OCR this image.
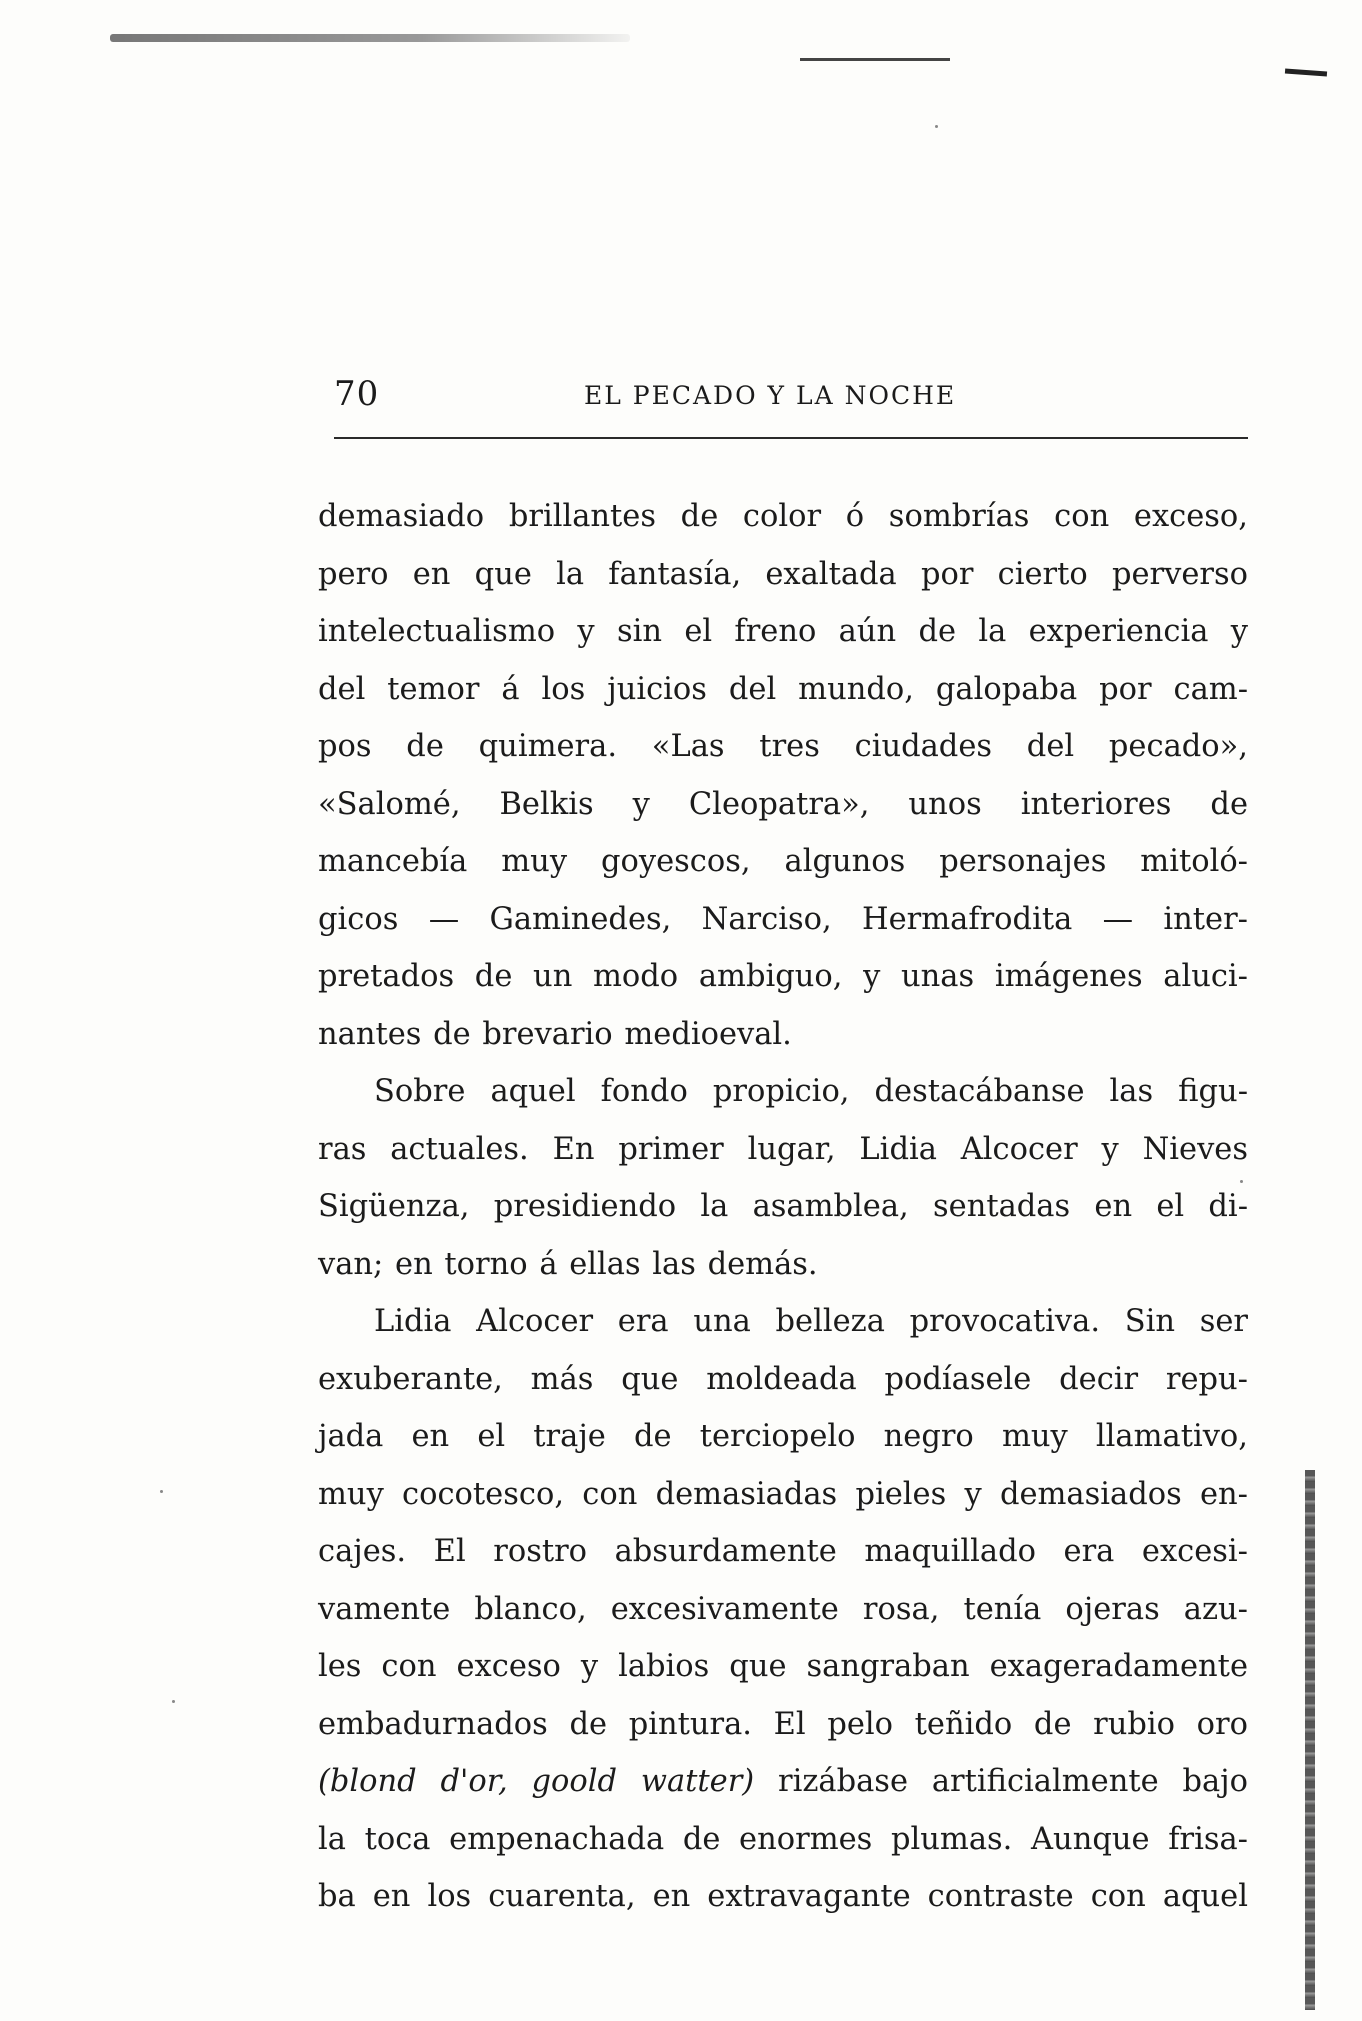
70	EL PECADO Y LA NOCHE
demasiado brillantes de color ó sombrías con exceso,
pero en que la fantasía, exaltada por cierto perverso
intelectualismo y sin el freno aún de la experiencia y
del temor á los juicios del mundo, galopaba por cam-
pos de quimera. «Las tres ciudades del pecado»,
«Salomé, Belkis y Cleopatra», unos interiores de
mancebía muy goyescos, algunos personajes mitoló-
gicos — Gaminedes, Narciso, Hermafrodita — inter-
pretados de un modo ambiguo, y unas imágenes aluci-
nantes de brevario medioeval.
Sobre aquel fondo propicio, destacábanse las figu-
ras actuales. En primer lugar, Lidia Alcocer y Nieves
Sigüenza, presidiendo la asamblea, sentadas en el di-
van; en torno á ellas las demás.
Lidia Alcocer era una belleza provocativa. Sin ser
exuberante, más que moldeada podíasele decir repu-
jada en el traje de terciopelo negro muy llamativo,
muy cocotesco, con demasiadas pieles y demasiados en-
cajes. El rostro absurdamente maquillado era excesi-
vamente blanco, excesivamente rosa, tenía ojeras azu-
les con exceso y labios que sangraban exageradamente
embadurnados de pintura. El pelo teñido de rubio oro
(blond d'or, goold watter) rizábase artificialmente bajo
la toca empenachada de enormes plumas. Aunque frisa-
ba en los cuarenta, en extravagante contraste con aquel
